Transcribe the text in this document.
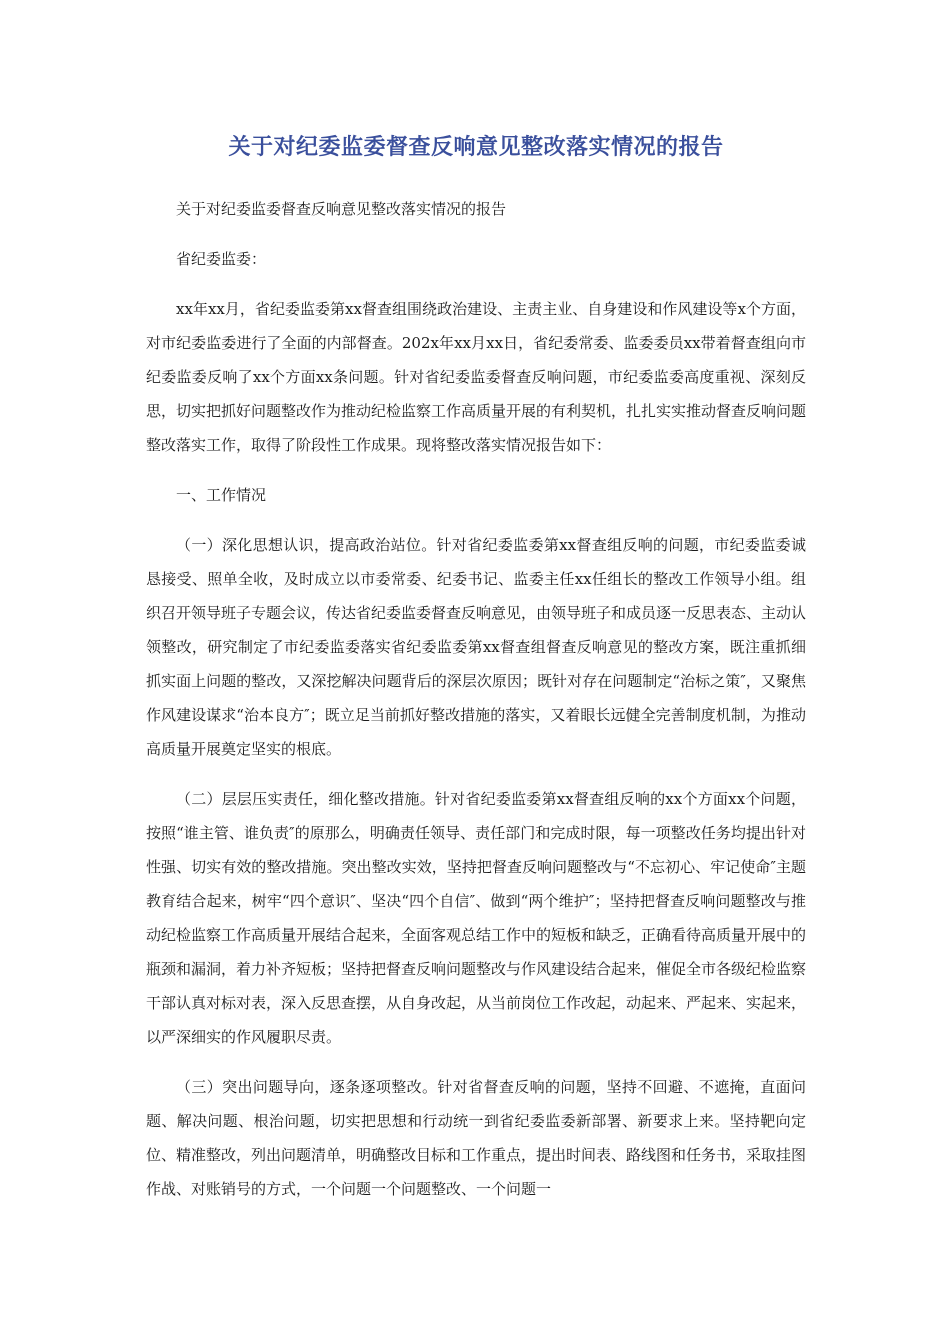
关于对纪委监委督查反响意见整改落实情况的报告

关于对纪委监委督查反响意见整改落实情况的报告

省纪委监委：

xx年xx月，省纪委监委第xx督查组围绕政治建设、主责主业、自身建设和作风建设等x个方面，对市纪委监委进行了全面的内部督查。202x年xx月xx日，省纪委常委、监委委员xx带着督查组向市纪委监委反响了xx个方面xx条问题。针对省纪委监委督查反响问题，市纪委监委高度重视、深刻反思，切实把抓好问题整改作为推动纪检监察工作高质量开展的有利契机，扎扎实实推动督查反响问题整改落实工作，取得了阶段性工作成果。现将整改落实情况报告如下：

一、工作情况

（一）深化思想认识，提高政治站位。针对省纪委监委第xx督查组反响的问题，市纪委监委诚恳接受、照单全收，及时成立以市委常委、纪委书记、监委主任xx任组长的整改工作领导小组。组织召开领导班子专题会议，传达省纪委监委督查反响意见，由领导班子和成员逐一反思表态、主动认领整改，研究制定了市纪委监委落实省纪委监委第xx督查组督查反响意见的整改方案，既注重抓细抓实面上问题的整改，又深挖解决问题背后的深层次原因；既针对存在问题制定“治标之策″，又聚焦作风建设谋求“治本良方″；既立足当前抓好整改措施的落实，又着眼长远健全完善制度机制，为推动高质量开展奠定坚实的根底。

（二）层层压实责任，细化整改措施。针对省纪委监委第xx督查组反响的xx个方面xx个问题，按照“谁主管、谁负责″的原那么，明确责任领导、责任部门和完成时限，每一项整改任务均提出针对性强、切实有效的整改措施。突出整改实效，坚持把督查反响问题整改与“不忘初心、牢记使命″主题教育结合起来，树牢“四个意识″、坚决“四个自信″、做到“两个维护″；坚持把督查反响问题整改与推动纪检监察工作高质量开展结合起来，全面客观总结工作中的短板和缺乏，正确看待高质量开展中的瓶颈和漏洞，着力补齐短板；坚持把督查反响问题整改与作风建设结合起来，催促全市各级纪检监察干部认真对标对表，深入反思查摆，从自身改起，从当前岗位工作改起，动起来、严起来、实起来，以严深细实的作风履职尽责。

（三）突出问题导向，逐条逐项整改。针对省督查反响的问题，坚持不回避、不遮掩，直面问题、解决问题、根治问题，切实把思想和行动统一到省纪委监委新部署、新要求上来。坚持靶向定位、精准整改，列出问题清单，明确整改目标和工作重点，提出时间表、路线图和任务书，采取挂图作战、对账销号的方式，一个问题一个问题整改、一个问题一
